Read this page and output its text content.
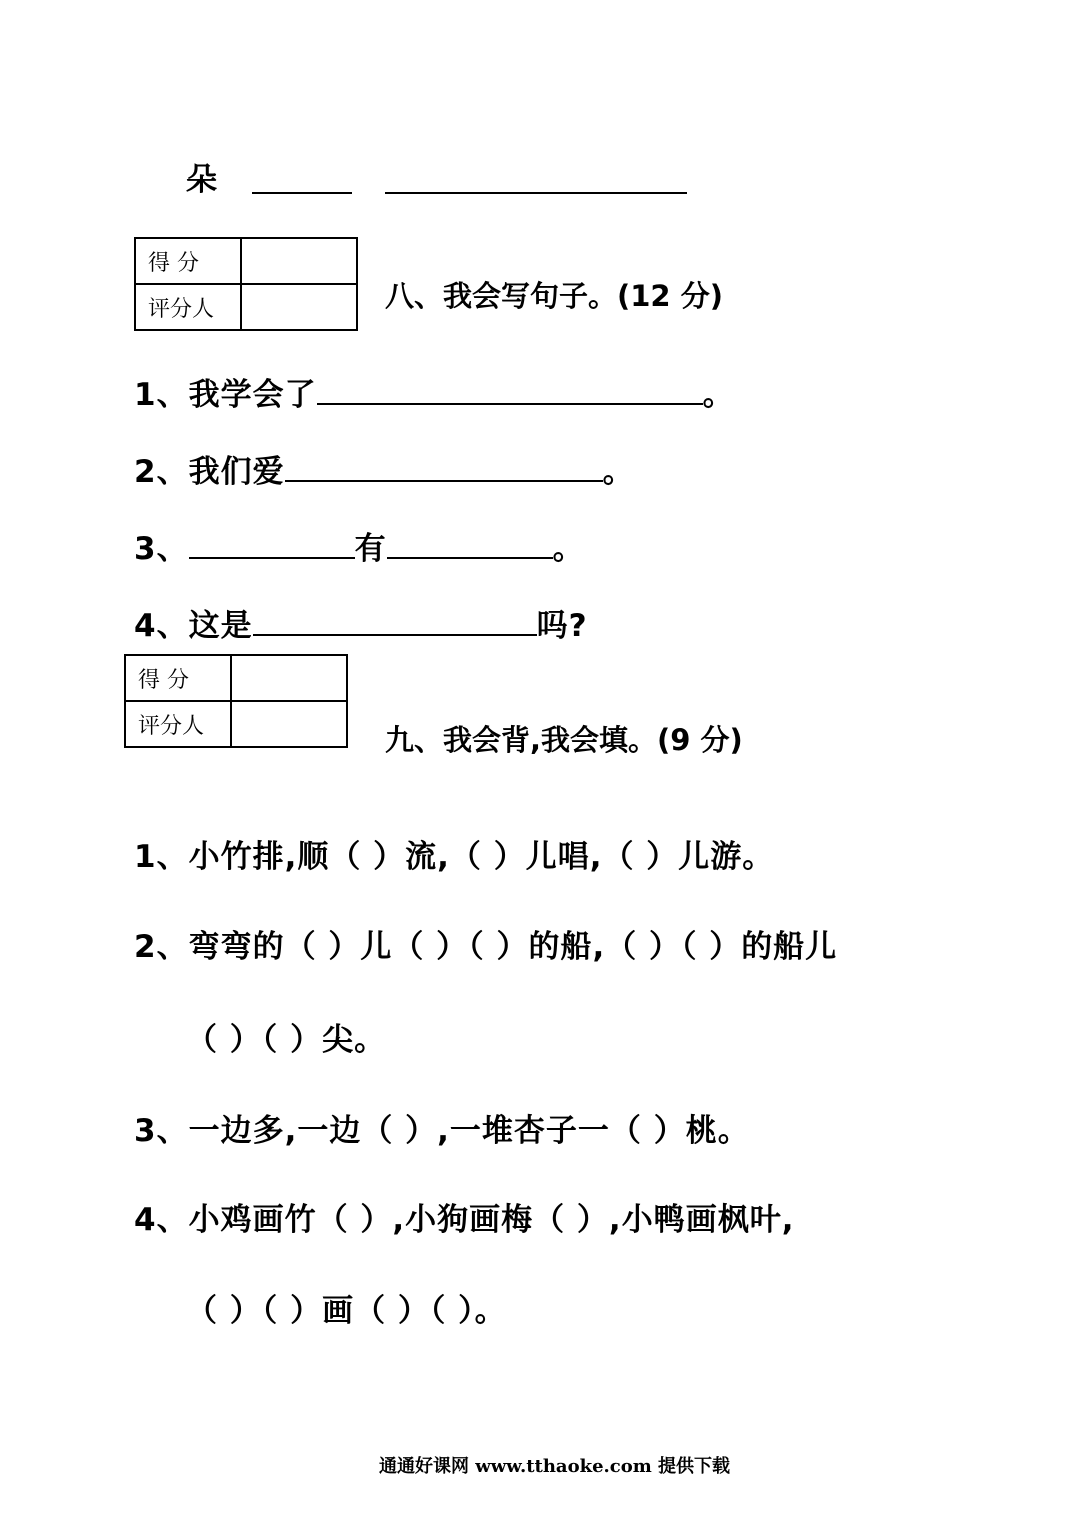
朵
得 分	
评分人		八、我会写句子。(12 分)
1、我学会了	。
2、我们爱	。
3、	有	。
4、这是	吗?
得 分	
评分人		九、我会背,我会填。(9 分)
1、小竹排,顺（ ）流,（ ）儿唱,（ ）儿游。
2、弯弯的（ ）儿（ ）（ ）的船,（ ）（ ）的船儿
（ ）（ ）尖。
3、一边多,一边（ ）,一堆杏子一（ ）桃。
4、小鸡画竹（ ）,小狗画梅（ ）,小鸭画枫叶,
（ ）（ ）画（ ）（ ）。
通通好课网 www.tthaoke.com 提供下载
